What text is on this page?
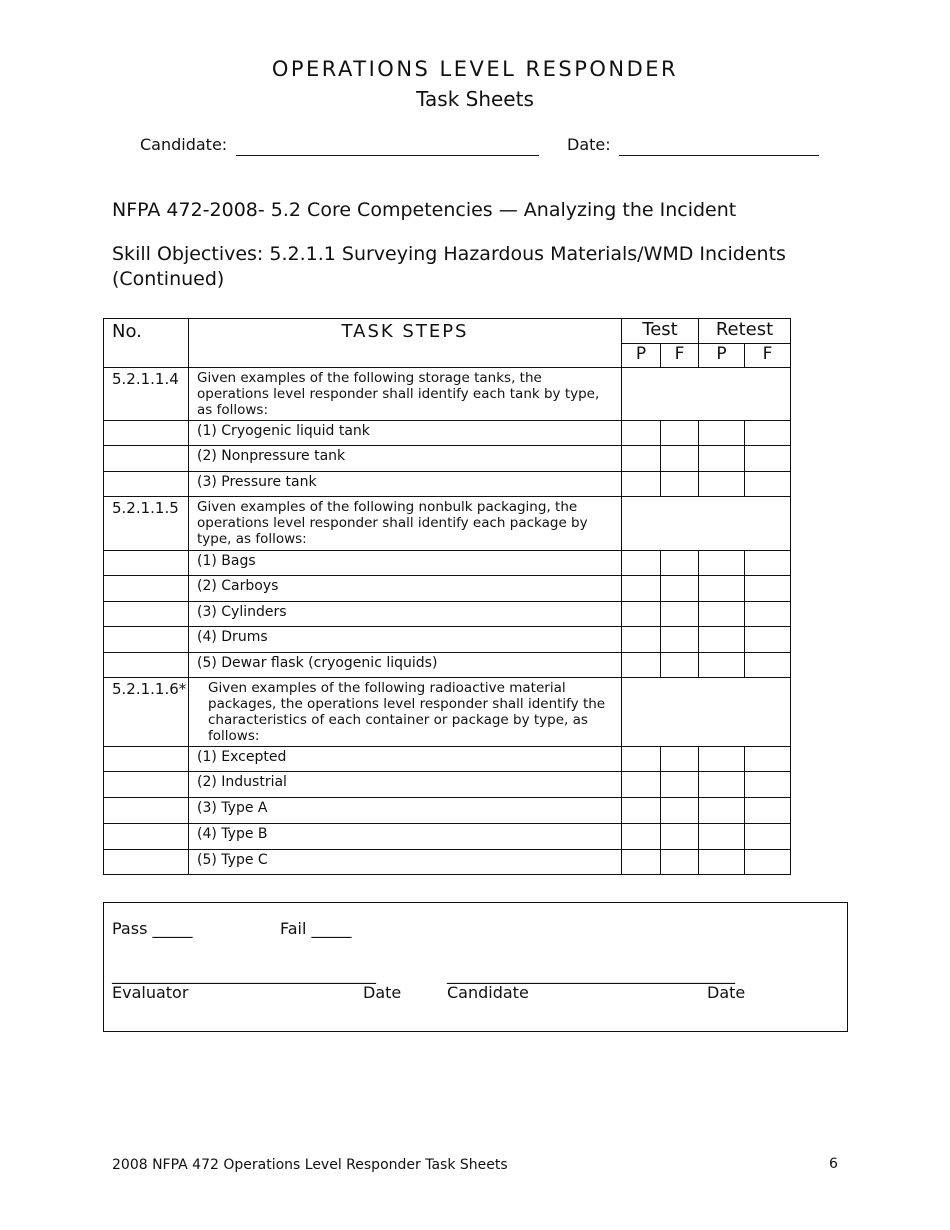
OPERATIONS LEVEL RESPONDER
Task Sheets
Candidate:	Date:
NFPA 472-2008- 5.2 Core Competencies — Analyzing the Incident
Skill Objectives: 5.2.1.1 Surveying Hazardous Materials/WMD Incidents
(Continued)
No.	TASK STEPS	Test		Retest	
		P	F	P	F
5.2.1.1.4	Given examples of the following storage tanks, the operations level responder shall identify each tank by type, as follows:				
	(1) Cryogenic liquid tank				
	(2) Nonpressure tank				
	(3) Pressure tank				
5.2.1.1.5	Given examples of the following nonbulk packaging, the operations level responder shall identify each package by type, as follows:				
	(1) Bags				
	(2) Carboys				
	(3) Cylinders				
	(4) Drums				
	(5) Dewar flask (cryogenic liquids)				
5.2.1.1.6*	Given examples of the following radioactive material packages, the operations level responder shall identify the characteristics of each container or package by type, as follows:				
	(1) Excepted				
	(2) Industrial				
	(3) Type A				
	(4) Type B				
	(5) Type C				
Pass _____	Fail _____
_________________________________	____________________________________
Evaluator	Date	Candidate	Date
2008 NFPA 472 Operations Level Responder Task Sheets	6
